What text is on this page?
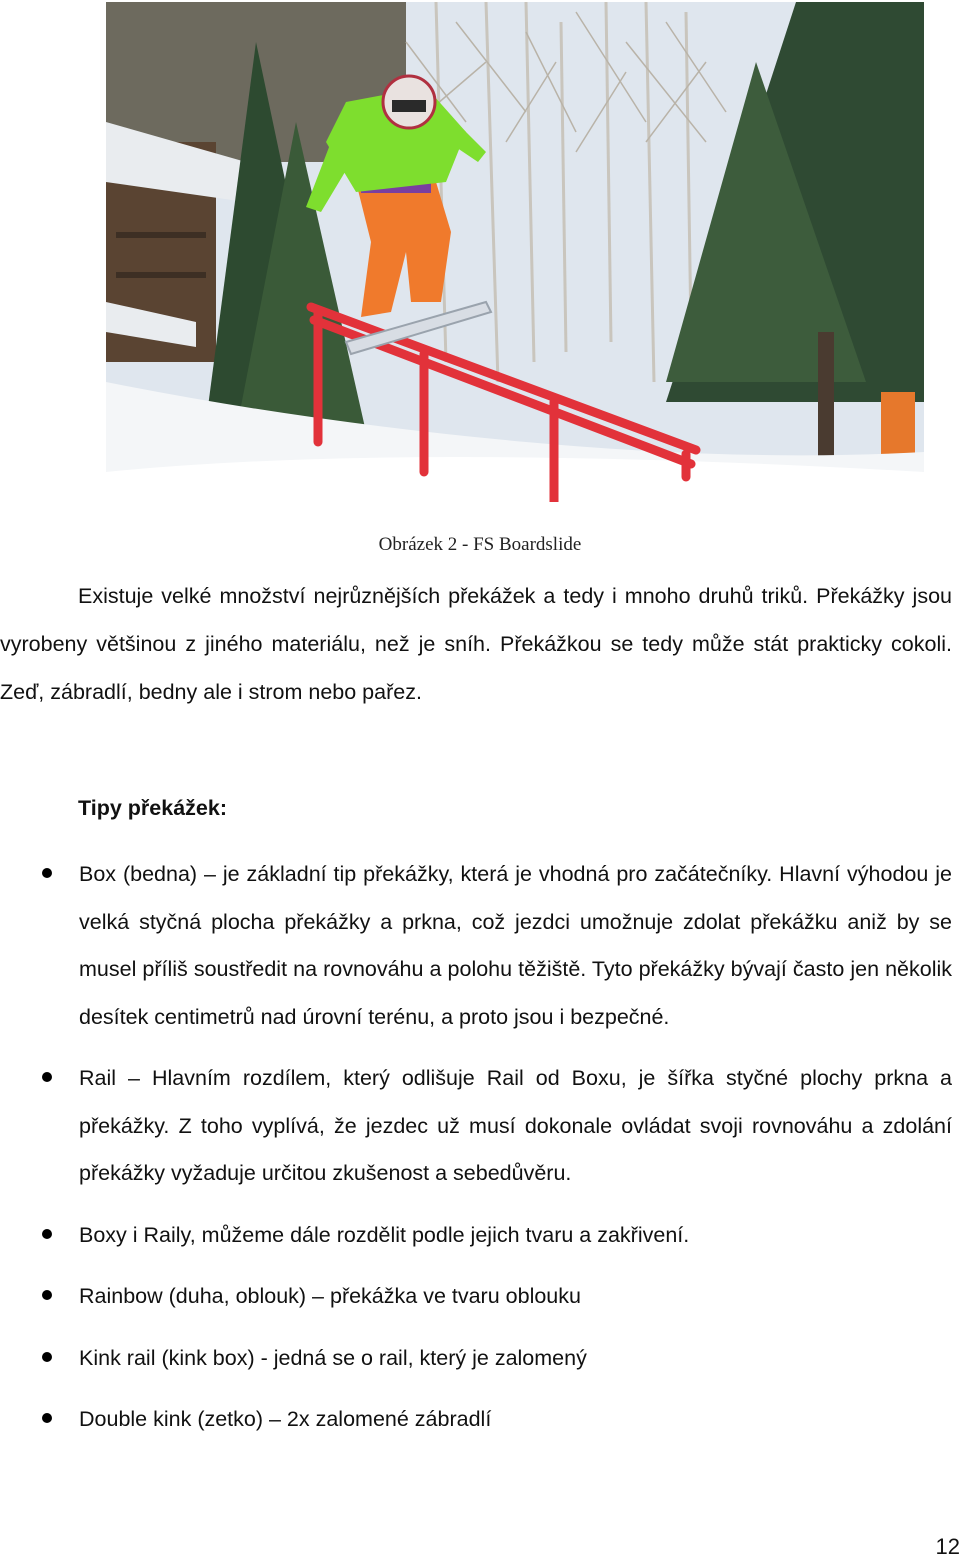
Obrázek 2 - FS Boardslide

Existuje velké množství nejrůznějších překážek a tedy i mnoho druhů triků. Překážky jsou vyrobeny většinou z jiného materiálu, než je sníh. Překážkou se tedy může stát prakticky cokoli. Zeď, zábradlí, bedny ale i strom nebo pařez.

Tipy překážek:
Box (bedna) – je základní tip překážky, která je vhodná pro začátečníky. Hlavní výhodou je velká styčná plocha překážky a prkna, což jezdci umožnuje zdolat překážku aniž by se musel příliš soustředit na rovnováhu a polohu těžiště. Tyto překážky bývají často jen několik desítek centimetrů nad úrovní terénu, a proto jsou i bezpečné.
Rail – Hlavním rozdílem, který odlišuje Rail od Boxu, je šířka styčné plochy prkna a překážky. Z toho vyplívá, že jezdec už musí dokonale ovládat svoji rovnováhu a zdolání překážky vyžaduje určitou zkušenost a sebedůvěru.
Boxy i Raily, můžeme dále rozdělit podle jejich tvaru a zakřivení.
Rainbow (duha, oblouk) – překážka ve tvaru oblouku
Kink rail (kink box) - jedná se o rail, který je zalomený
Double kink (zetko) – 2x zalomené zábradlí
12
